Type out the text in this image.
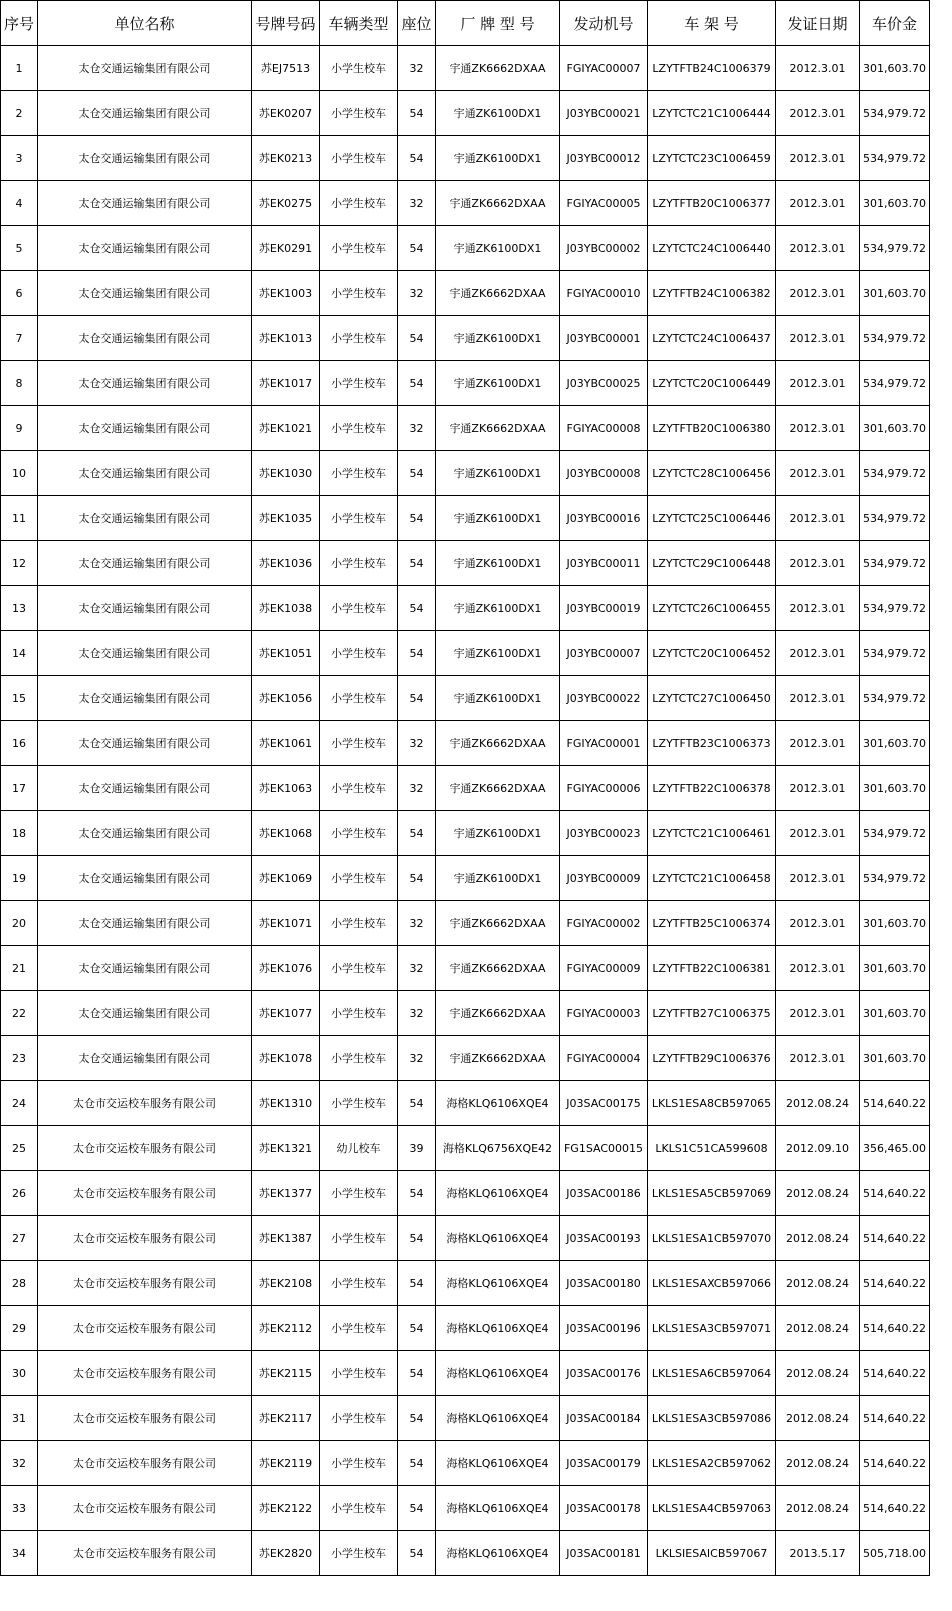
序号	单位名称	号牌号码	车辆类型	座位	厂 牌 型 号	发动机号	车 架 号	发证日期	车价金
1	太仓交通运输集团有限公司	苏EJ7513	小学生校车	32	宇通ZK6662DXAA	FGIYAC00007	LZYTFTB24C1006379	2012.3.01	301,603.70
2	太仓交通运输集团有限公司	苏EK0207	小学生校车	54	宇通ZK6100DX1	J03YBC00021	LZYTCTC21C1006444	2012.3.01	534,979.72
3	太仓交通运输集团有限公司	苏EK0213	小学生校车	54	宇通ZK6100DX1	J03YBC00012	LZYTCTC23C1006459	2012.3.01	534,979.72
4	太仓交通运输集团有限公司	苏EK0275	小学生校车	32	宇通ZK6662DXAA	FGIYAC00005	LZYTFTB20C1006377	2012.3.01	301,603.70
5	太仓交通运输集团有限公司	苏EK0291	小学生校车	54	宇通ZK6100DX1	J03YBC00002	LZYTCTC24C1006440	2012.3.01	534,979.72
6	太仓交通运输集团有限公司	苏EK1003	小学生校车	32	宇通ZK6662DXAA	FGIYAC00010	LZYTFTB24C1006382	2012.3.01	301,603.70
7	太仓交通运输集团有限公司	苏EK1013	小学生校车	54	宇通ZK6100DX1	J03YBC00001	LZYTCTC24C1006437	2012.3.01	534,979.72
8	太仓交通运输集团有限公司	苏EK1017	小学生校车	54	宇通ZK6100DX1	J03YBC00025	LZYTCTC20C1006449	2012.3.01	534,979.72
9	太仓交通运输集团有限公司	苏EK1021	小学生校车	32	宇通ZK6662DXAA	FGIYAC00008	LZYTFTB20C1006380	2012.3.01	301,603.70
10	太仓交通运输集团有限公司	苏EK1030	小学生校车	54	宇通ZK6100DX1	J03YBC00008	LZYTCTC28C1006456	2012.3.01	534,979.72
11	太仓交通运输集团有限公司	苏EK1035	小学生校车	54	宇通ZK6100DX1	J03YBC00016	LZYTCTC25C1006446	2012.3.01	534,979.72
12	太仓交通运输集团有限公司	苏EK1036	小学生校车	54	宇通ZK6100DX1	J03YBC00011	LZYTCTC29C1006448	2012.3.01	534,979.72
13	太仓交通运输集团有限公司	苏EK1038	小学生校车	54	宇通ZK6100DX1	J03YBC00019	LZYTCTC26C1006455	2012.3.01	534,979.72
14	太仓交通运输集团有限公司	苏EK1051	小学生校车	54	宇通ZK6100DX1	J03YBC00007	LZYTCTC20C1006452	2012.3.01	534,979.72
15	太仓交通运输集团有限公司	苏EK1056	小学生校车	54	宇通ZK6100DX1	J03YBC00022	LZYTCTC27C1006450	2012.3.01	534,979.72
16	太仓交通运输集团有限公司	苏EK1061	小学生校车	32	宇通ZK6662DXAA	FGIYAC00001	LZYTFTB23C1006373	2012.3.01	301,603.70
17	太仓交通运输集团有限公司	苏EK1063	小学生校车	32	宇通ZK6662DXAA	FGIYAC00006	LZYTFTB22C1006378	2012.3.01	301,603.70
18	太仓交通运输集团有限公司	苏EK1068	小学生校车	54	宇通ZK6100DX1	J03YBC00023	LZYTCTC21C1006461	2012.3.01	534,979.72
19	太仓交通运输集团有限公司	苏EK1069	小学生校车	54	宇通ZK6100DX1	J03YBC00009	LZYTCTC21C1006458	2012.3.01	534,979.72
20	太仓交通运输集团有限公司	苏EK1071	小学生校车	32	宇通ZK6662DXAA	FGIYAC00002	LZYTFTB25C1006374	2012.3.01	301,603.70
21	太仓交通运输集团有限公司	苏EK1076	小学生校车	32	宇通ZK6662DXAA	FGIYAC00009	LZYTFTB22C1006381	2012.3.01	301,603.70
22	太仓交通运输集团有限公司	苏EK1077	小学生校车	32	宇通ZK6662DXAA	FGIYAC00003	LZYTFTB27C1006375	2012.3.01	301,603.70
23	太仓交通运输集团有限公司	苏EK1078	小学生校车	32	宇通ZK6662DXAA	FGIYAC00004	LZYTFTB29C1006376	2012.3.01	301,603.70
24	太仓市交运校车服务有限公司	苏EK1310	小学生校车	54	海格KLQ6106XQE4	J03SAC00175	LKLS1ESA8CB597065	2012.08.24	514,640.22
25	太仓市交运校车服务有限公司	苏EK1321	幼儿校车	39	海格KLQ6756XQE42	FG1SAC00015	LKLS1C51CA599608	2012.09.10	356,465.00
26	太仓市交运校车服务有限公司	苏EK1377	小学生校车	54	海格KLQ6106XQE4	J03SAC00186	LKLS1ESA5CB597069	2012.08.24	514,640.22
27	太仓市交运校车服务有限公司	苏EK1387	小学生校车	54	海格KLQ6106XQE4	J03SAC00193	LKLS1ESA1CB597070	2012.08.24	514,640.22
28	太仓市交运校车服务有限公司	苏EK2108	小学生校车	54	海格KLQ6106XQE4	J03SAC00180	LKLS1ESAXCB597066	2012.08.24	514,640.22
29	太仓市交运校车服务有限公司	苏EK2112	小学生校车	54	海格KLQ6106XQE4	J03SAC00196	LKLS1ESA3CB597071	2012.08.24	514,640.22
30	太仓市交运校车服务有限公司	苏EK2115	小学生校车	54	海格KLQ6106XQE4	J03SAC00176	LKLS1ESA6CB597064	2012.08.24	514,640.22
31	太仓市交运校车服务有限公司	苏EK2117	小学生校车	54	海格KLQ6106XQE4	J03SAC00184	LKLS1ESA3CB597086	2012.08.24	514,640.22
32	太仓市交运校车服务有限公司	苏EK2119	小学生校车	54	海格KLQ6106XQE4	J03SAC00179	LKLS1ESA2CB597062	2012.08.24	514,640.22
33	太仓市交运校车服务有限公司	苏EK2122	小学生校车	54	海格KLQ6106XQE4	J03SAC00178	LKLS1ESA4CB597063	2012.08.24	514,640.22
34	太仓市交运校车服务有限公司	苏EK2820	小学生校车	54	海格KLQ6106XQE4	J03SAC00181	LKLSIESAICB597067	2013.5.17	505,718.00
